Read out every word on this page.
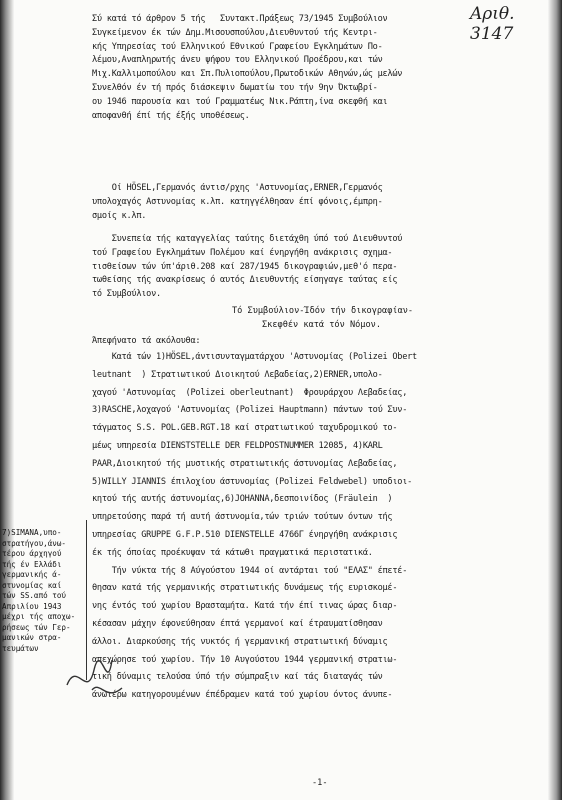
Αριθ. 3147
Σύ κατά τό άρθρον 5 τής   Συντακτ.Πράξεως 73/1945 Συμβούλιον
Συγκείμενον έκ τών Δημ.Μισουσπούλου,Διευθυντού τής Κεντρι-
κής Υπηρεσίας τού Ελληνικού Εθνικού Γραφείου Εγκλημάτων Πο-
λέμου,Αναπληρωτής άνευ ψήφου του Ελληνικού Προέδρου,και τών
Μιχ.Καλλιμοπούλου και Σπ.Πυλιοπούλου,Πρωτοδικών Αθηνών,ώς μελών
Συνελθόν έν τή πρός διάσκεψιν δωματίω του τήν 9ην Όκτωβρί-
ου 1946 παρουσία και τού Γραμματέως Νικ.Ράπτη,ίνα σκεφθή και
αποφανθή έπί τής έξής υποθέσεως.
Οί HÖSEL,Γερμανός άντισ/ρχης 'Αστυνομίας,ERNER,Γερμανός
υπολοχαγός Αστυνομίας κ.λπ. κατηγγέλθησαν έπί φόνοις,έμπρη-
σμοίς κ.λπ.
Συνεπεία τής καταγγελίας ταύτης διετάχθη ύπό τού Διευθυντού
τού Γραφείου Εγκλημάτων Πολέμου καί ένηργήθη ανάκρισις σχημα-
τισθείσων τών ύπ'άριθ.208 καί 287/1945 δικογραφιών,μεθ'ό περα-
τωθείσης τής ανακρίσεως ό αυτός Διευθυντής είσηγαγε ταύτας είς
τό Συμβούλιον.
Τό Συμβούλιον-Ίδόν τήν δικογραφίαν-
Σκεφθέν κατά τόν Νόμον.
Άπεφήνατο τά ακόλουθα:
Κατά τών 1)HÖSEL,άντισυνταγματάρχου 'Αστυνομίας (Polizei Obert
leutnant  ) Στρατιωτικού Διοικητού Λεβαδείας,2)ERNER,υπολο-
χαγού 'Αστυνομίας  (Polizei oberleutnant)  Φρουράρχου Λεβαδείας,
3)RASCHE,λοχαγού 'Αστυνομίας (Polizei Hauptmann) πάντων τού Συν-
τάγματος S.S. POL.GEB.RGT.18 καί στρατιωτικού ταχυδρομικού το-
μέως υπηρεσία DIENSTSTELLE DER FELDPOSTNUMMER 12085, 4)KARL
PAAR,Διοικητού τής μυστικής στρατιωτικής άστυνομίας Λεβαδείας,
5)WILLY JIANNIS έπιλοχίου άστυνομίας (Polizei Feldwebel) υποδιοι-
κητού τής αυτής άστυνομίας,6)JOHANNA,δεσποινίδος (Fräulein  )
υπηρετούσης παρά τή αυτή άστυνομία,τών τριών τούτων όντων τής
υπηρεσίας GRUPPE G.F.P.510 DIENSTELLE 4766Γ ένηργήθη ανάκρισις
έκ τής όποίας προέκυψαν τά κάτωθι πραγματικά περιστατικά.
Τήν νύκτα τής 8 Αύγούστου 1944 οί αντάρται τού "ΕΛΑΣ" έπετέ-
θησαν κατά τής γερμανικής στρατιωτικής δυνάμεως τής ευρισκομέ-
νης έντός τού χωρίου Βρασταμήτα. Κατά τήν έπί τινας ώρας διαρ-
κέσασαν μάχην έφονεύθησαν έπτά γερμανοί καί έτραυματίσθησαν
άλλοι. Διαρκούσης τής νυκτός ή γερμανική στρατιωτική δύναμις
απεχώρησε τού χωρίου. Τήν 10 Αυγούστου 1944 γερμανική στρατιω-
τική δύναμις τελούσα ύπό τήν σύμπραξιν καί τάς διαταγάς τών
άνωτέρω κατηγορουμένων έπέδραμεν κατά τού χωρίου όντος άνυπε-
7)SIMANA,υπο-
στρατήγου,άνω-
τέρου άρχηγού
τής έν Ελλάδι
γερμανικής ά-
στυνομίας καί
τών SS.από τού
Απριλίου 1943
μέχρι τής αποχω-
ρήσεως τών Γερ-
μανικών στρα-
τευμάτων
-1-
